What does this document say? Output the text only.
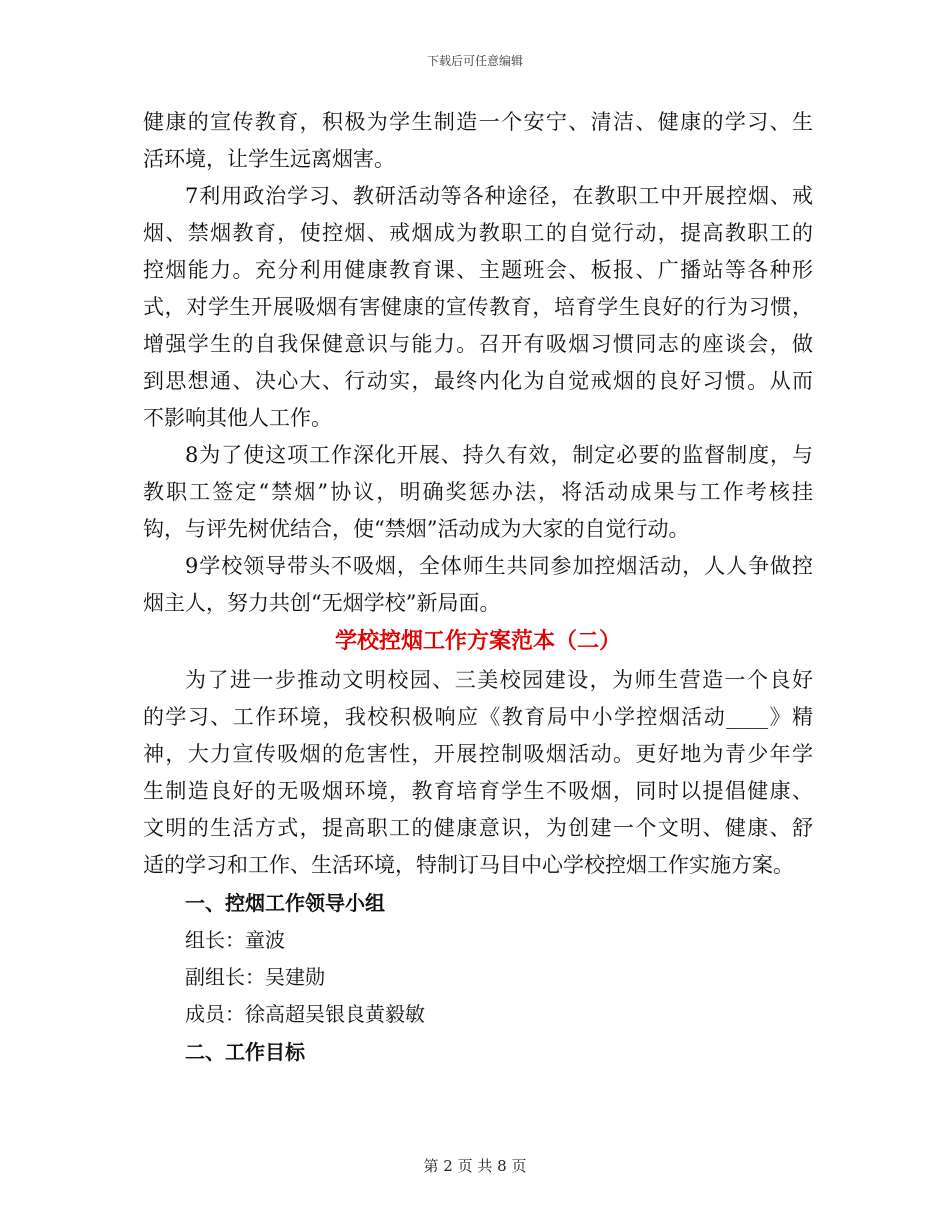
下载后可任意编辑
健康的宣传教育，积极为学生制造一个安宁、清洁、健康的学习、生
活环境，让学生远离烟害。
7利用政治学习、教研活动等各种途径，在教职工中开展控烟、戒
烟、禁烟教育，使控烟、戒烟成为教职工的自觉行动，提高教职工的
控烟能力。充分利用健康教育课、主题班会、板报、广播站等各种形
式，对学生开展吸烟有害健康的宣传教育，培育学生良好的行为习惯，
增强学生的自我保健意识与能力。召开有吸烟习惯同志的座谈会，做
到思想通、决心大、行动实，最终内化为自觉戒烟的良好习惯。从而
不影响其他人工作。
8为了使这项工作深化开展、持久有效，制定必要的监督制度，与
教职工签定“禁烟”协议，明确奖惩办法，将活动成果与工作考核挂
钩，与评先树优结合，使“禁烟”活动成为大家的自觉行动。
9学校领导带头不吸烟，全体师生共同参加控烟活动，人人争做控
烟主人，努力共创“无烟学校”新局面。
学校控烟工作方案范本（二）
为了进一步推动文明校园、三美校园建设，为师生营造一个良好
的学习、工作环境，我校积极响应《教育局中小学控烟活动____》精
神，大力宣传吸烟的危害性，开展控制吸烟活动。更好地为青少年学
生制造良好的无吸烟环境，教育培育学生不吸烟，同时以提倡健康、
文明的生活方式，提高职工的健康意识，为创建一个文明、健康、舒
适的学习和工作、生活环境，特制订马目中心学校控烟工作实施方案。
一、控烟工作领导小组
组长：童波
副组长：吴建勋
成员：徐高超吴银良黄毅敏
二、工作目标
第 2 页 共 8 页
